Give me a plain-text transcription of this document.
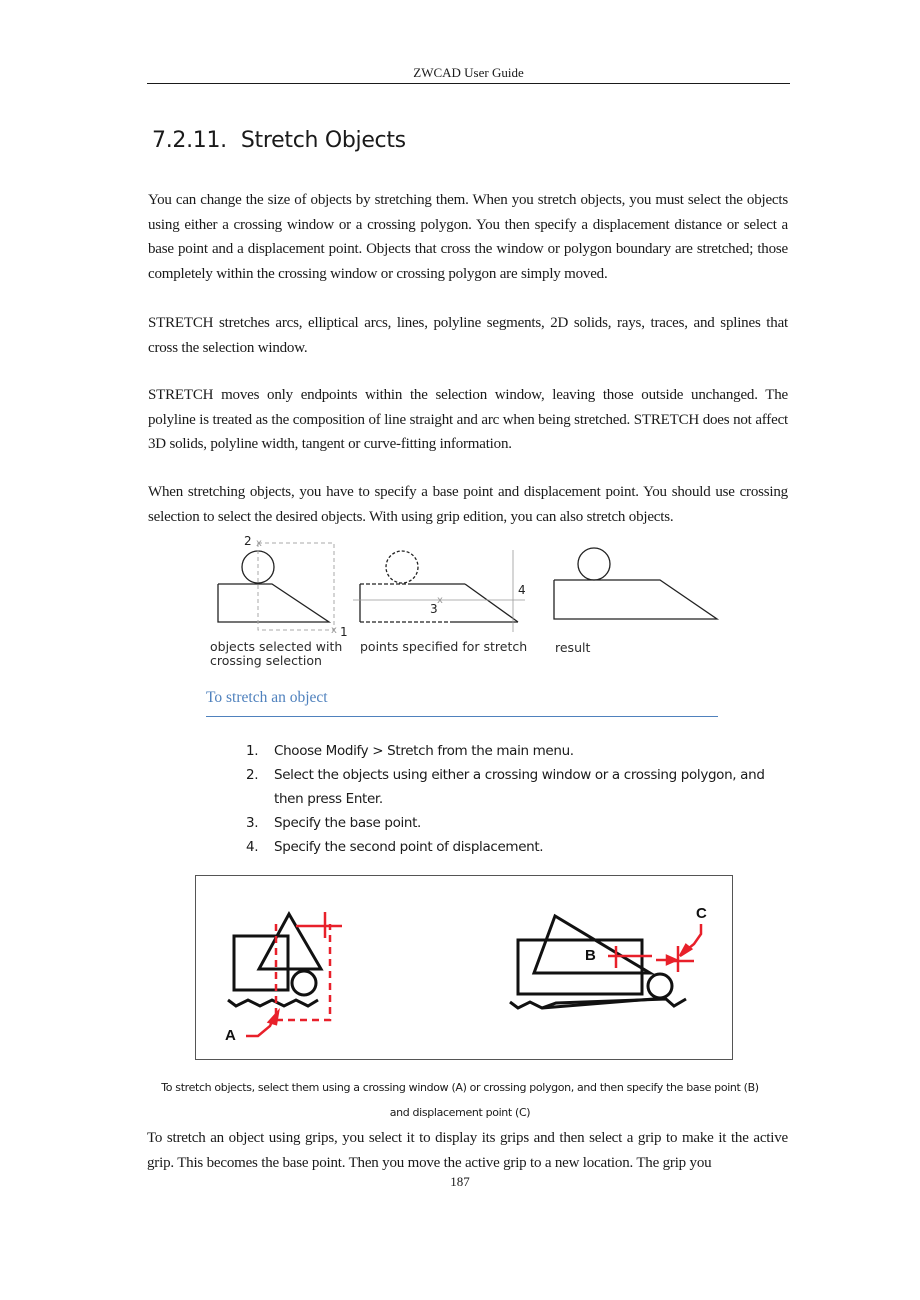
ZWCAD User Guide
7.2.11. Stretch Objects

You can change the size of objects by stretching them. When you stretch objects, you must select the objects using either a crossing window or a crossing polygon. You then specify a displacement distance or select a base point and a displacement point. Objects that cross the window or polygon boundary are stretched; those completely within the crossing window or crossing polygon are simply moved.

STRETCH stretches arcs, elliptical arcs, lines, polyline segments, 2D solids, rays, traces, and splines that cross the selection window.

STRETCH moves only endpoints within the selection window, leaving those outside unchanged. The polyline is treated as the composition of line straight and arc when being stretched. STRETCH does not affect 3D solids, polyline width, tangent or curve-fitting information.

When stretching objects, you have to specify a base point and displacement point. You should use crossing selection to select the desired objects. With using grip edition, you can also stretch objects.

2 x
x 1
3
x
4
objects selected with
crossing selection
points specified for stretch result
To stretch an object
1. Choose Modify > Stretch from the main menu.
2. Select the objects using either a crossing window or a crossing polygon, and then press Enter.
3. Specify the base point.
4. Specify the second point of displacement.
A
B
C
To stretch objects, select them using a crossing window (A) or crossing polygon, and then specify the base point (B)
and displacement point (C)

To stretch an object using grips, you select it to display its grips and then select a grip to make it the active grip. This becomes the base point. Then you move the active grip to a new location. The grip you

187
